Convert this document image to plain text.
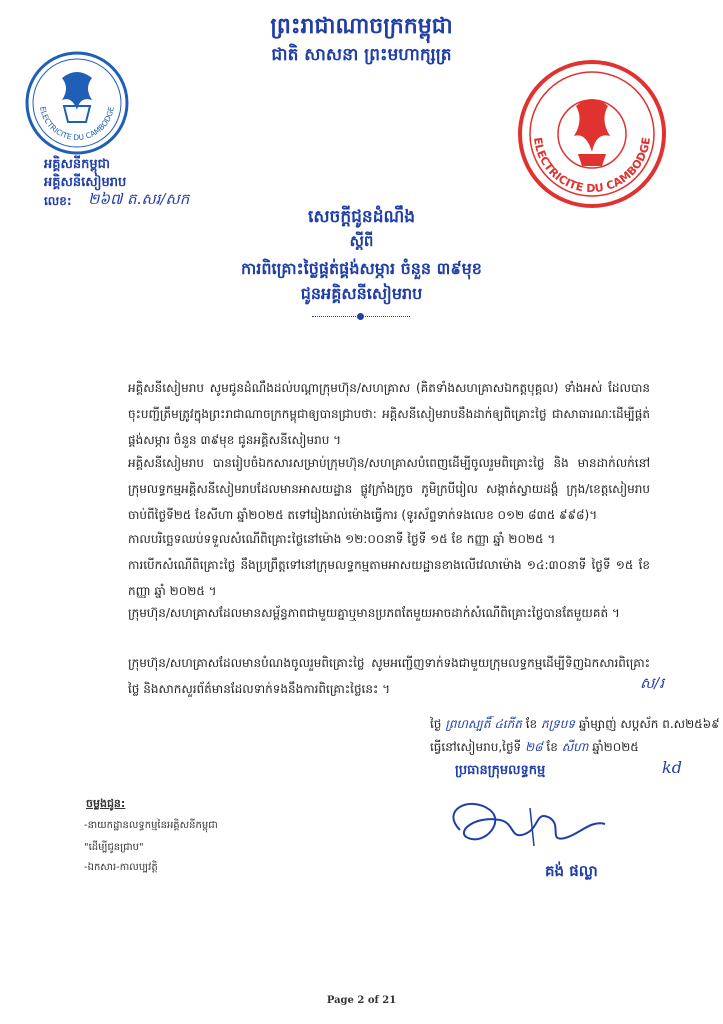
ព្រះរាជាណាចក្រកម្ពុជា
ជាតិ សាសនា ព្រះមហាក្សត្រ
ELECTRICITE DU CAMBODGE
ELECTRICITE DU CAMBODGE
អគ្គិសនីកម្ពុជា
អគ្គិសនីសៀមរាប
លេខ: ២៦៧ ត.សរ/សក
សេចក្តីជូនដំណឹង
ស្តីពី
ការពិគ្រោះថ្លៃផ្គត់ផ្គង់សម្ភារ ចំនួន ៣៩មុខ
ជូនអគ្គិសនីសៀមរាប
អគ្គិសនីសៀមរាប សូមជូនដំណឹងដល់បណ្តាក្រុមហ៊ុន/សហគ្រាស (គិតទាំងសហគ្រាសឯកត្តបុគ្គល) ទាំងអស់ ដែលបានចុះបញ្ជីត្រឹមត្រូវក្នុងព្រះរាជាណាចក្រកម្ពុជាឲ្យបានជ្រាបថា: អគ្គិសនីសៀមរាបនឹងដាក់ឲ្យពិគ្រោះថ្លៃ ជាសាធារណៈដើម្បីផ្គត់ផ្គង់សម្ភារ ចំនួន ៣៩មុខ ជូនអគ្គិសនីសៀមរាប ។
អគ្គិសនីសៀមរាប បានរៀបចំឯកសារសម្រាប់ក្រុមហ៊ុន/សហគ្រាសបំពេញដើម្បីចូលរួមពិគ្រោះថ្លៃ និង មានដាក់លក់នៅក្រុមលទ្ធកម្មអគ្គិសនីសៀមរាបដែលមានអាសយដ្ឋាន ផ្លូវក្រាំងក្រូច ភូមិក្របីរៀល សង្កាត់ស្វាយដង្គំ ក្រុង/ខេត្តសៀមរាប ចាប់ពីថ្ងៃទី២៥ ខែសីហា ឆ្នាំ២០២៥ តទៅរៀងរាល់ម៉ោងធ្វើការ (ទូរស័ព្ទទាក់ទងលេខ ០១២ ៨៣៥ ៩៩៨)។
កាលបរិច្ឆេទឈប់ទទួលសំណើពិគ្រោះថ្លៃនៅម៉ោង ១២:០០នាទី ថ្ងៃទី ១៥ ខែ កញ្ញា ឆ្នាំ ២០២៥ ។
ការបើកសំណើពិគ្រោះថ្លៃ នឹងប្រព្រឹត្តទៅនៅក្រុមលទ្ធកម្មតាមអាសយដ្ឋានខាងលើវេលាម៉ោង ១៤:៣០នាទី ថ្ងៃទី ១៥ ខែ កញ្ញា ឆ្នាំ ២០២៥ ។
ក្រុមហ៊ុន/សហគ្រាសដែលមានសម្ព័ន្ធភាពជាមួយគ្នាឬមានប្រភពតែមួយអាចដាក់សំណើពិគ្រោះថ្លៃបានតែមួយគត់ ។
ក្រុមហ៊ុន/សហគ្រាសដែលមានបំណងចូលរួមពិគ្រោះថ្លៃ សូមអញ្ជើញទាក់ទងជាមួយក្រុមលទ្ធកម្មដើម្បីទិញឯកសារពិគ្រោះថ្លៃ និងសាកសួរព័ត៌មានដែលទាក់ទងនឹងការពិគ្រោះថ្លៃនេះ ។	ស/រ
ថ្ងៃ ព្រហស្បតិ៍ ៤កើត ខែ ភទ្របទ ឆ្នាំម្សាញ់ សប្តស័ក ព.ស២៥៦៩
ធ្វើនៅសៀមរាប,ថ្ងៃទី ២៨ ខែ សីហា ឆ្នាំ២០២៥
ប្រធានក្រុមលទ្ធកម្ម	kd
គង់ ផល្លា
ចម្លងជូន:
-នាយកដ្ឋានលទ្ធកម្មនៃអគ្គិសនីកម្ពុជា
"ដើម្បីជូនជ្រាប"
-ឯកសារ-កាលប្បវត្តិ
Page 2 of 21
